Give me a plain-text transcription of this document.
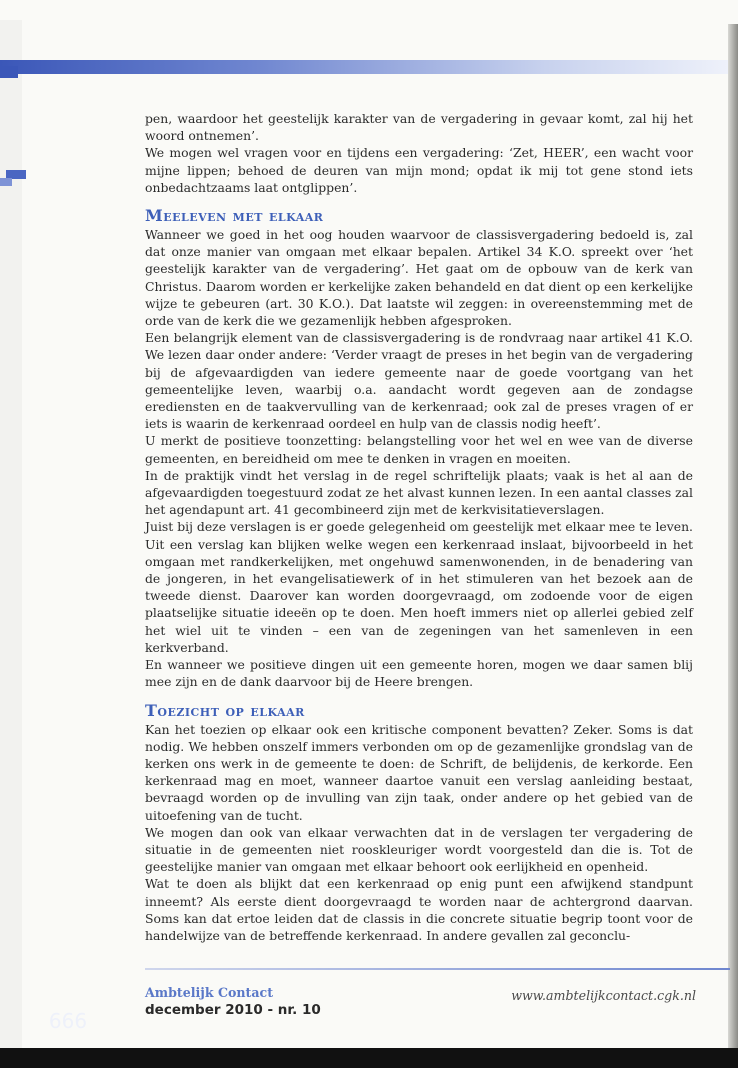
pen, waardoor het geestelijk karakter van de vergadering in gevaar komt, zal hij het woord ontnemen’.

We mogen wel vragen voor en tijdens een vergadering: ‘Zet, HEER’, een wacht voor mijne lippen; behoed de deuren van mijn mond; opdat ik mij tot gene stond iets onbedachtzaams laat ontglippen’.

Meeleven met elkaar

Wanneer we goed in het oog houden waarvoor de classisvergadering bedoeld is, zal dat onze manier van omgaan met elkaar bepalen. Artikel 34 K.O. spreekt over ‘het geestelijk karakter van de vergadering’. Het gaat om de opbouw van de kerk van Christus. Daarom worden er kerkelijke zaken behandeld en dat dient op een kerkelijke wijze te gebeuren (art. 30 K.O.). Dat laatste wil zeggen: in overeenstemming met de orde van de kerk die we gezamenlijk hebben afgesproken.

Een belangrijk element van de classisvergadering is de rondvraag naar artikel 41 K.O. We lezen daar onder andere: ‘Verder vraagt de preses in het begin van de vergadering bij de afgevaardigden van iedere gemeente naar de goede voortgang van het gemeentelijke leven, waarbij o.a. aandacht wordt gegeven aan de zondagse erediensten en de taakvervulling van de kerkenraad; ook zal de preses vragen of er iets is waarin de kerkenraad oordeel en hulp van de classis nodig heeft’.

U merkt de positieve toonzetting: belangstelling voor het wel en wee van de diverse gemeenten, en bereidheid om mee te denken in vragen en moeiten.

In de praktijk vindt het verslag in de regel schriftelijk plaats; vaak is het al aan de afgevaardigden toegestuurd zodat ze het alvast kunnen lezen. In een aantal classes zal het agendapunt art. 41 gecombineerd zijn met de kerkvisitatieverslagen.

Juist bij deze verslagen is er goede gelegenheid om geestelijk met elkaar mee te leven. Uit een verslag kan blijken welke wegen een kerkenraad inslaat, bijvoorbeeld in het omgaan met randkerkelijken, met ongehuwd samenwonenden, in de benadering van de jongeren, in het evangelisatiewerk of in het stimuleren van het bezoek aan de tweede dienst. Daarover kan worden doorgevraagd, om zodoende voor de eigen plaatselijke situatie ideeën op te doen. Men hoeft immers niet op allerlei gebied zelf het wiel uit te vinden – een van de zegeningen van het samenleven in een kerkverband.

En wanneer we positieve dingen uit een gemeente horen, mogen we daar samen blij mee zijn en de dank daarvoor bij de Heere brengen.

Toezicht op elkaar

Kan het toezien op elkaar ook een kritische component bevatten? Zeker. Soms is dat nodig. We hebben onszelf immers verbonden om op de gezamenlijke grondslag van de kerken ons werk in de gemeente te doen: de Schrift, de belijdenis, de kerkorde. Een kerkenraad mag en moet, wanneer daartoe vanuit een verslag aanleiding bestaat, bevraagd worden op de invulling van zijn taak, onder andere op het gebied van de uitoefening van de tucht.

We mogen dan ook van elkaar verwachten dat in de verslagen ter vergadering de situatie in de gemeenten niet rooskleuriger wordt voorgesteld dan die is. Tot de geestelijke manier van omgaan met elkaar behoort ook eerlijkheid en openheid.

Wat te doen als blijkt dat een kerkenraad op enig punt een afwijkend standpunt inneemt? Als eerste dient doorgevraagd te worden naar de achtergrond daarvan. Soms kan dat ertoe leiden dat de classis in die concrete situatie begrip toont voor de handelwijze van de betreffende kerkenraad. In andere gevallen zal geconclu-

666
Ambtelijk Contact
december 2010 - nr. 10
www.ambtelijkcontact.cgk.nl
